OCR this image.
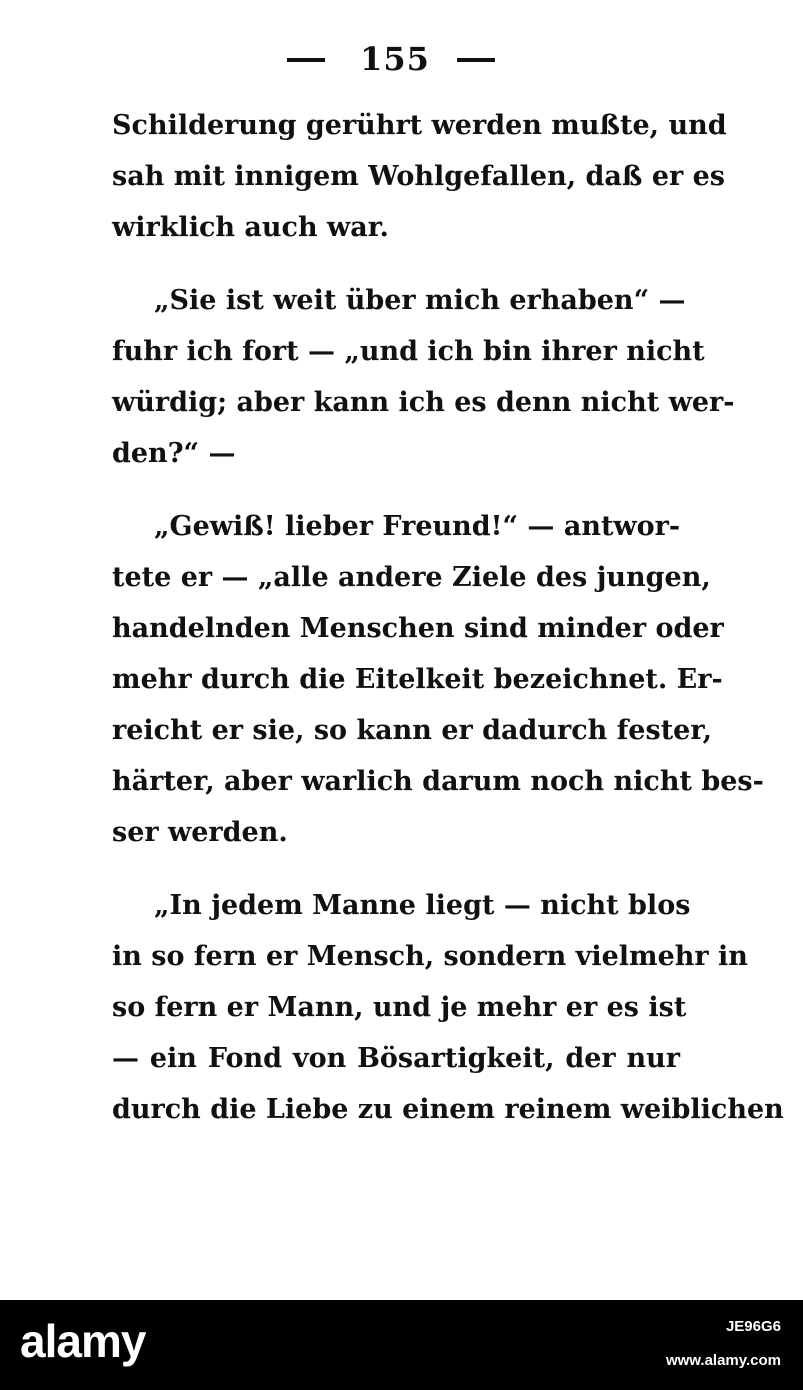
155
Schilderung gerührt werden mußte, und
sah mit innigem Wohlgefallen, daß er es
wirklich auch war.
„Sie ist weit über mich erhaben“ —
fuhr ich fort — „und ich bin ihrer nicht
würdig; aber kann ich es denn nicht wer-
den?“ —
„Gewiß! lieber Freund!“ — antwor-
tete er — „alle andere Ziele des jungen,
handelnden Menschen sind minder oder
mehr durch die Eitelkeit bezeichnet. Er-
reicht er sie, so kann er dadurch fester,
härter, aber warlich darum noch nicht bes-
ser werden.
„In jedem Manne liegt — nicht blos
in so fern er Mensch, sondern vielmehr in
so fern er Mann, und je mehr er es ist
— ein Fond von Bösartigkeit, der nur
durch die Liebe zu einem reinem weiblichen
alamy	JE96G6
www.alamy.com
